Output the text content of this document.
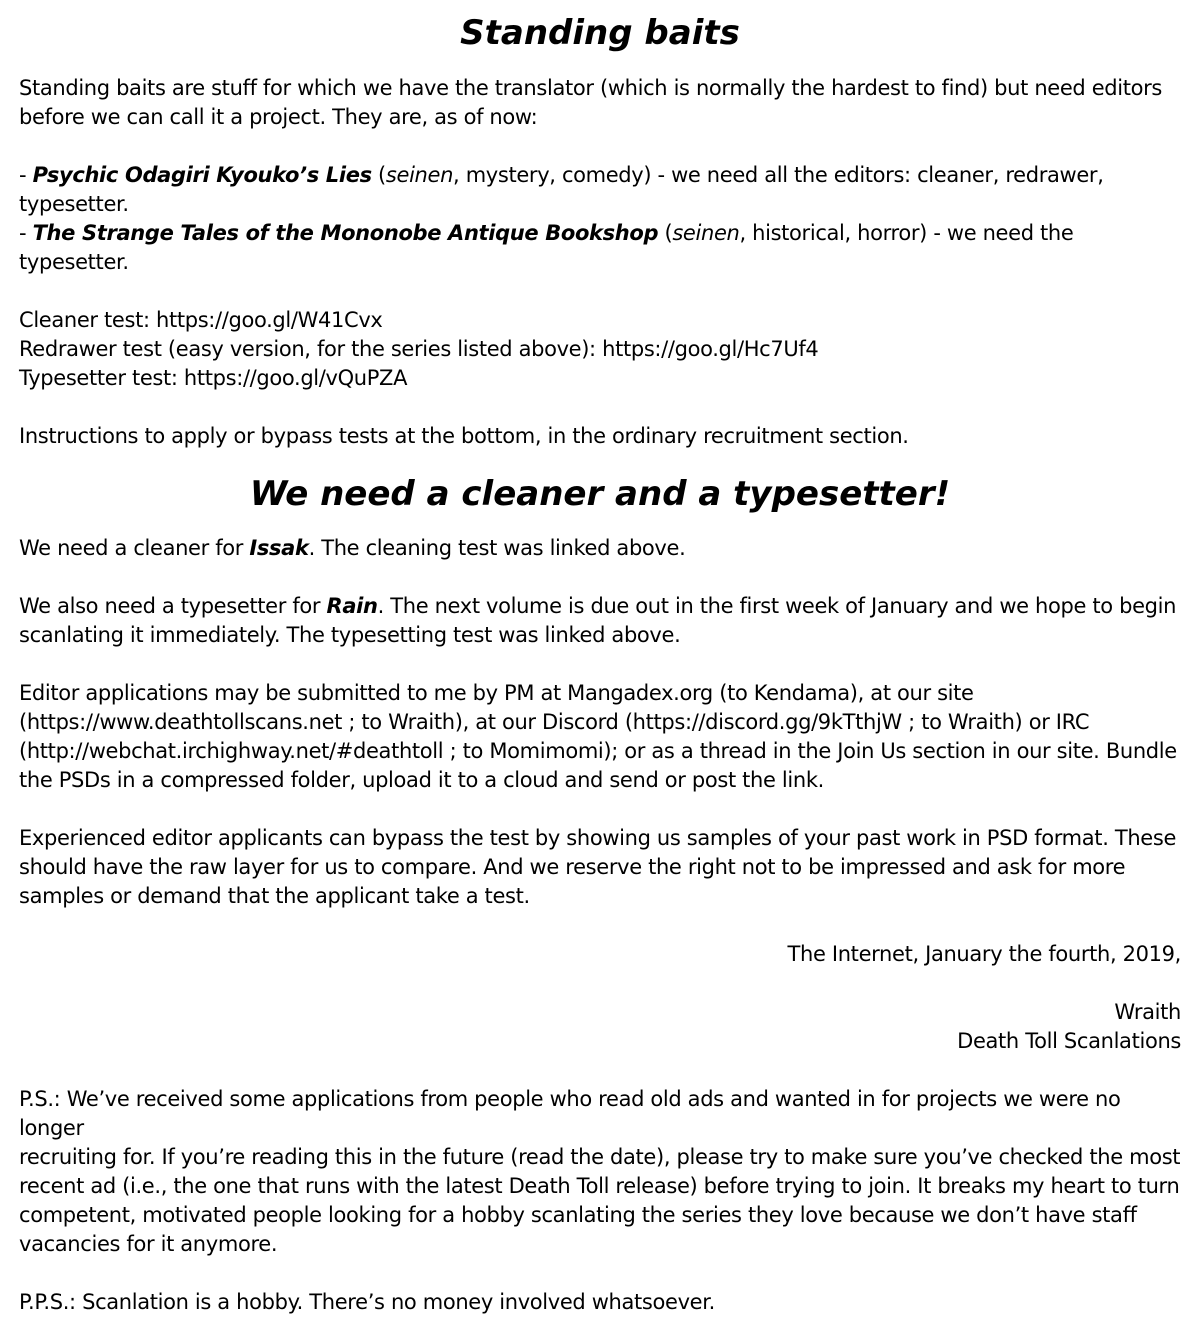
Standing baits

Standing baits are stuff for which we have the translator (which is normally the hardest to find) but need editors

before we can call it a project. They are, as of now:

- Psychic Odagiri Kyouko’s Lies (seinen, mystery, comedy) - we need all the editors: cleaner, redrawer, typesetter.

- The Strange Tales of the Mononobe Antique Bookshop (seinen, historical, horror) - we need the typesetter.

Cleaner test: https://goo.gl/W41Cvx

Redrawer test (easy version, for the series listed above): https://goo.gl/Hc7Uf4

Typesetter test: https://goo.gl/vQuPZA

Instructions to apply or bypass tests at the bottom, in the ordinary recruitment section.

We need a cleaner and a typesetter!

We need a cleaner for Issak. The cleaning test was linked above.

We also need a typesetter for Rain. The next volume is due out in the first week of January and we hope to begin

scanlating it immediately. The typesetting test was linked above.

Editor applications may be submitted to me by PM at Mangadex.org (to Kendama), at our site

(https://www.deathtollscans.net ; to Wraith), at our Discord (https://discord.gg/9kTthjW ; to Wraith) or IRC

(http://webchat.irchighway.net/#deathtoll ; to Momimomi); or as a thread in the Join Us section in our site. Bundle

the PSDs in a compressed folder, upload it to a cloud and send or post the link.

Experienced editor applicants can bypass the test by showing us samples of your past work in PSD format. These

should have the raw layer for us to compare. And we reserve the right not to be impressed and ask for more

samples or demand that the applicant take a test.

The Internet, January the fourth, 2019,

Wraith

Death Toll Scanlations

P.S.: We’ve received some applications from people who read old ads and wanted in for projects we were no longer

recruiting for. If you’re reading this in the future (read the date), please try to make sure you’ve checked the most

recent ad (i.e., the one that runs with the latest Death Toll release) before trying to join. It breaks my heart to turn

competent, motivated people looking for a hobby scanlating the series they love because we don’t have staff

vacancies for it anymore.

P.P.S.: Scanlation is a hobby. There’s no money involved whatsoever.
